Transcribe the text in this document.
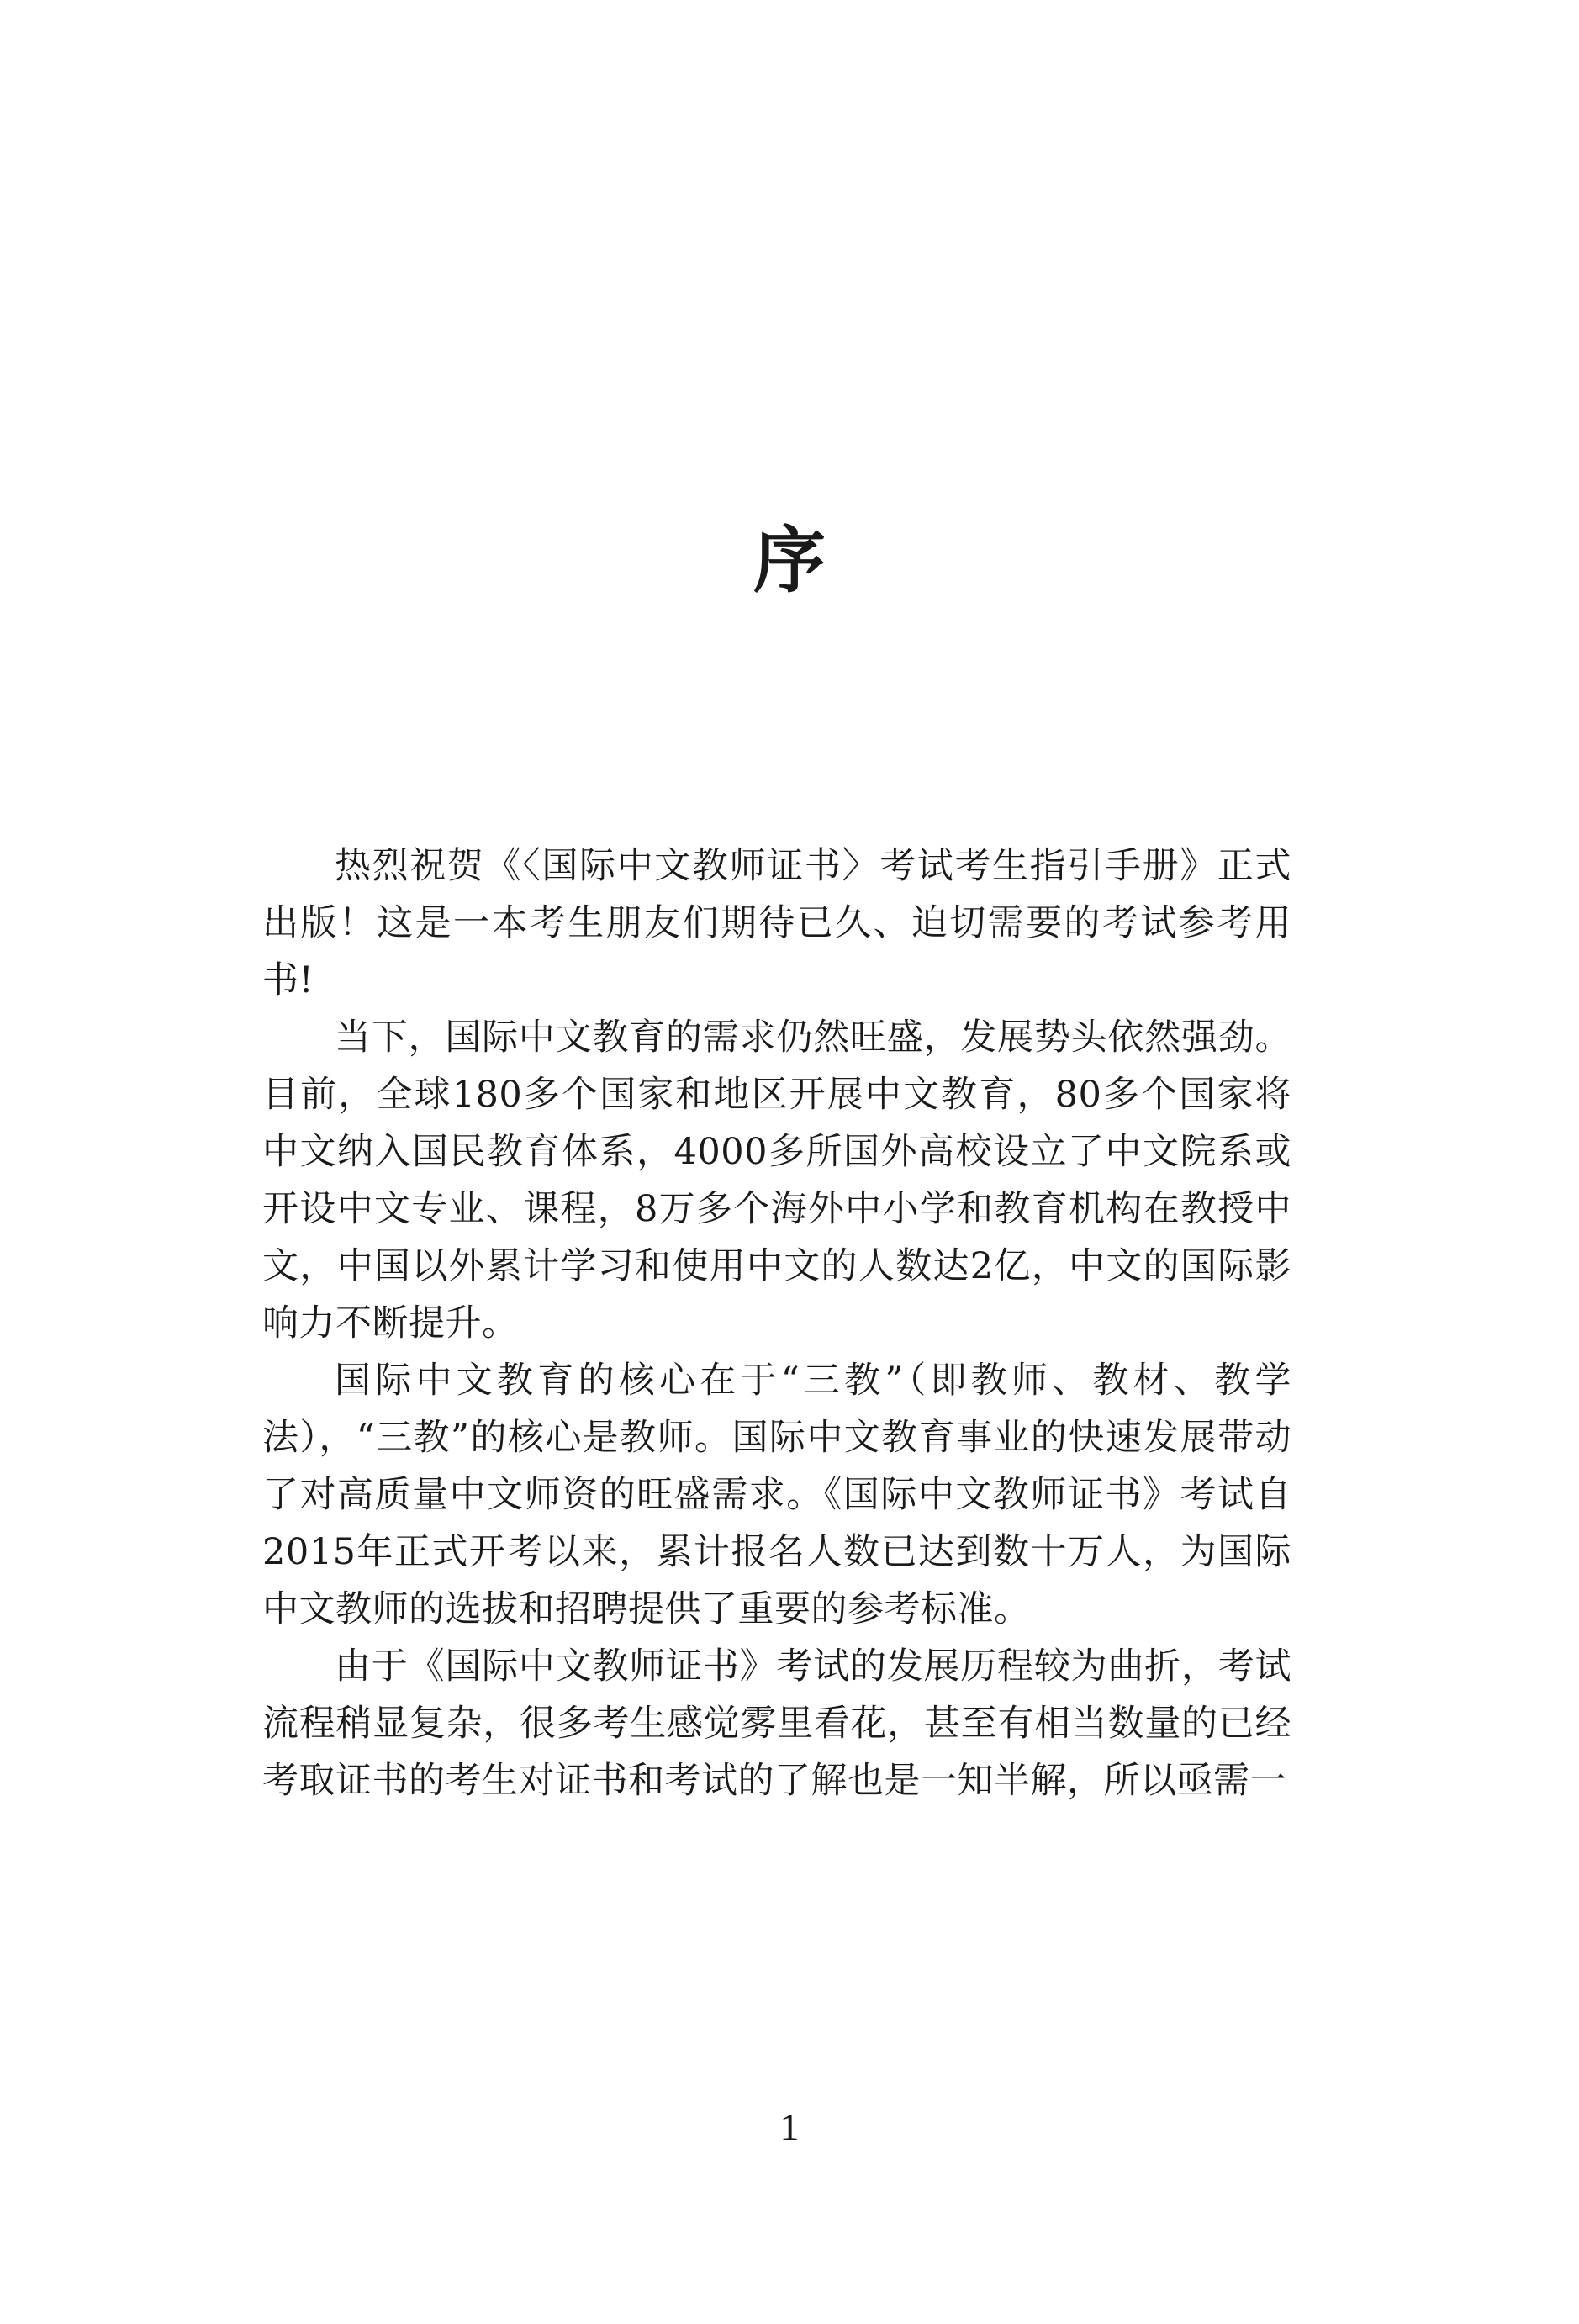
序

热烈祝贺《〈国际中文教师证书〉考试考生指引手册》正式出版！这是一本考生朋友们期待已久、迫切需要的考试参考用书!

当下，国际中文教育的需求仍然旺盛，发展势头依然强劲。目前，全球180多个国家和地区开展中文教育，80多个国家将中文纳入国民教育体系，4000多所国外高校设立了中文院系或开设中文专业、课程，8万多个海外中小学和教育机构在教授中文，中国以外累计学习和使用中文的人数达2亿，中文的国际影响力不断提升。

国际中文教育的核心在于“三教”（即教师、教材、教学法），“三教”的核心是教师。国际中文教育事业的快速发展带动了对高质量中文师资的旺盛需求。《国际中文教师证书》考试自2015年正式开考以来，累计报名人数已达到数十万人，为国际中文教师的选拔和招聘提供了重要的参考标准。

由于《国际中文教师证书》考试的发展历程较为曲折，考试流程稍显复杂，很多考生感觉雾里看花，甚至有相当数量的已经考取证书的考生对证书和考试的了解也是一知半解，所以亟需一

1
